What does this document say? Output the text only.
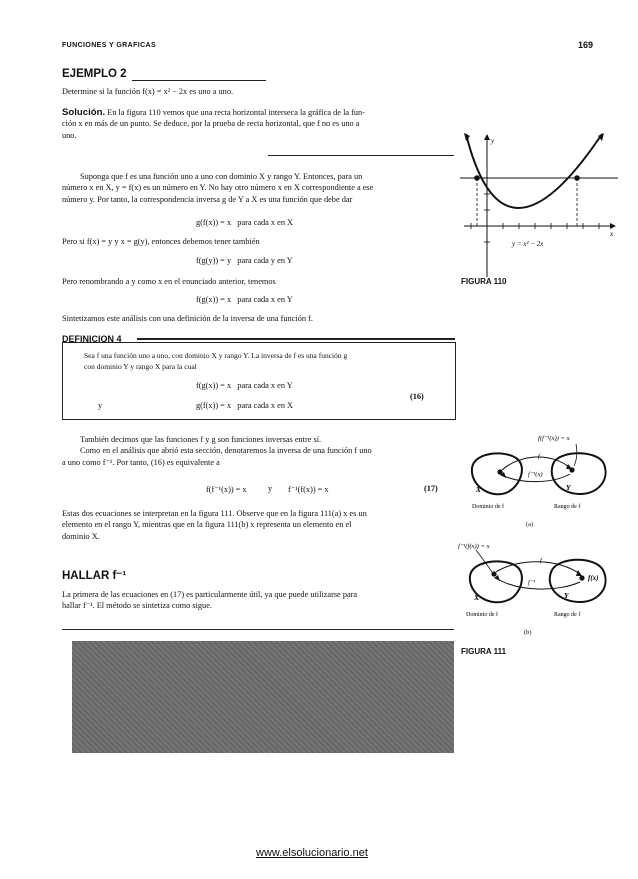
FUNCIONES Y GRAFICAS	169
EJEMPLO 2
Determine si la función f(x) = x² − 2x es uno a uno.
Solución. En la figura 110 vemos que una recta horizontal interseca la gráfica de la fun-
ción x en más de un punto. Se deduce, por la prueba de recta horizontal, que f no es uno a
uno.
Suponga que f es una función uno a uno con dominio X y rango Y. Entonces, para un
número x en X, y = f(x) es un número en Y. No hay otro número x en X correspondiente a ese
número y. Por tanto, la correspondencia inversa g de Y a X es una función que debe dar
g(f(x)) = x   para cada x en X
Pero si f(x) = y y x = g(y), entonces debemos tener también
f(g(y)) = y   para cada y en Y
Pero renombrando a y como x en el enunciado anterior, tenemos
f(g(x)) = x   para cada x en Y
Sintetizamos este análisis con una definición de la inversa de una función f.
DEFINICION 4
Sea f una función uno a uno, con dominio X y rango Y. La inversa de f es una función g
con dominio Y y rango X para la cual
f(g(x)) = x   para cada x en Y
y	g(f(x)) = x   para cada x en X
(16)
También decimos que las funciones f y g son funciones inversas entre sí.
Como en el análisis que abrió esta sección, denotaremos la inversa de una función f uno
a uno como f⁻¹. Por tanto, (16) es equivalente a
f(f⁻¹(x)) = x	y f⁻¹(f(x)) = x	(17)
Estas dos ecuaciones se interpretan en la figura 111. Observe que en la figura 111(a) x es un
elemento en el rango Y, mientras que en la figura 111(b) x representa un elemento en el
dominio X.
HALLAR f⁻¹
La primera de las ecuaciones en (17) es particularmente útil, ya que puede utilizarse para
hallar f⁻¹. El método se sintetiza como sigue.
y
x
y = x² − 2x
FIGURA 110
f(f⁻¹(x)) = x
f
f⁻¹(x)
X	Y
Dominio de f	Rango de f
(a)
f⁻¹(f(x)) = x
f
f⁻¹
f(x)
X	Y
Dominio de f	Rango de f
(b)
FIGURA 111
www.elsolucionario.net
